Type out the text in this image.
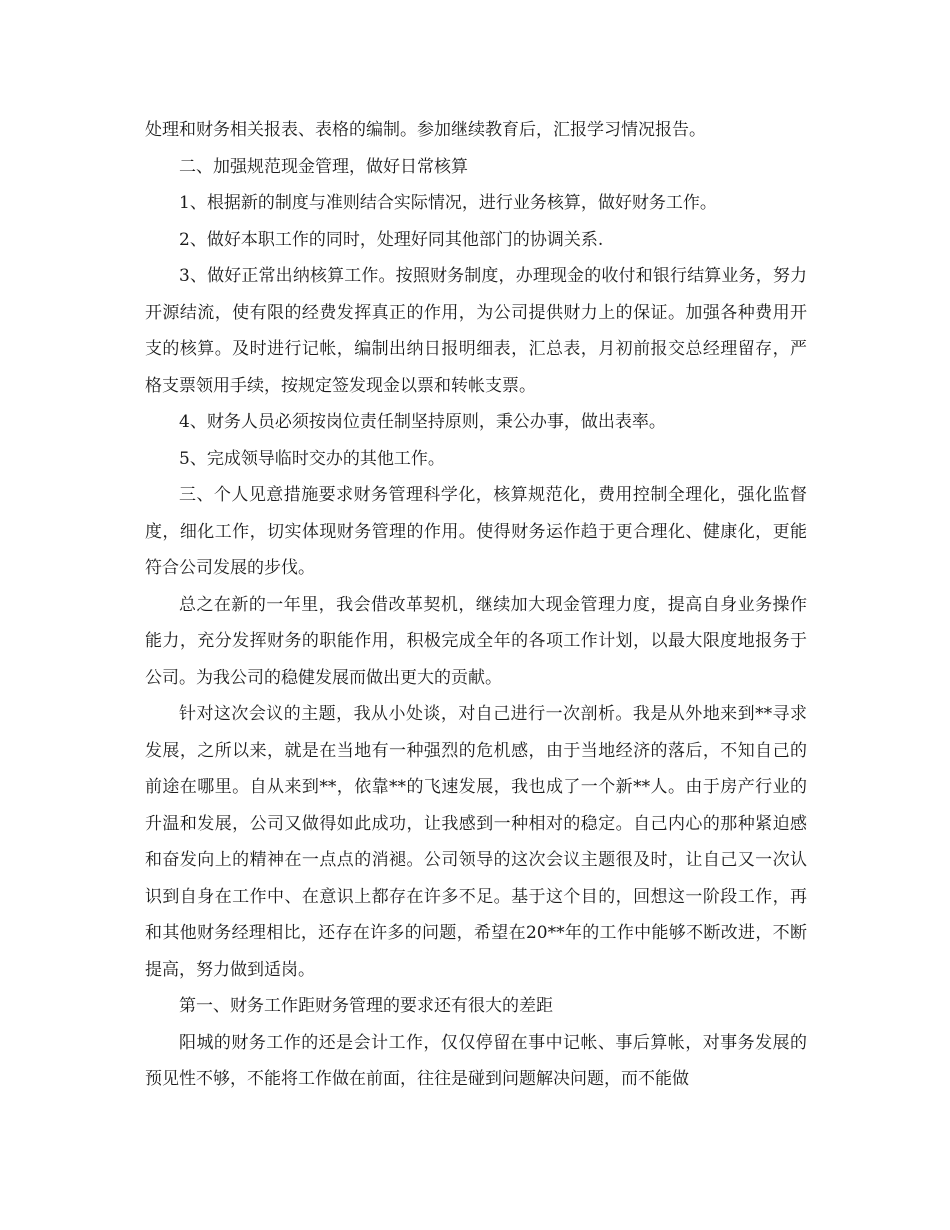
处理和财务相关报表、表格的编制。参加继续教育后，汇报学习情况报告。

二、加强规范现金管理，做好日常核算

1、根据新的制度与准则结合实际情况，进行业务核算，做好财务工作。

2、做好本职工作的同时，处理好同其他部门的协调关系.

3、做好正常出纳核算工作。按照财务制度，办理现金的收付和银行结算业务，努力开源结流，使有限的经费发挥真正的作用，为公司提供财力上的保证。加强各种费用开支的核算。及时进行记帐，编制出纳日报明细表，汇总表，月初前报交总经理留存，严格支票领用手续，按规定签发现金以票和转帐支票。

4、财务人员必须按岗位责任制坚持原则，秉公办事，做出表率。

5、完成领导临时交办的其他工作。

三、个人见意措施要求财务管理科学化，核算规范化，费用控制全理化，强化监督度，细化工作，切实体现财务管理的作用。使得财务运作趋于更合理化、健康化，更能符合公司发展的步伐。

总之在新的一年里，我会借改革契机，继续加大现金管理力度，提高自身业务操作能力，充分发挥财务的职能作用，积极完成全年的各项工作计划，以最大限度地报务于公司。为我公司的稳健发展而做出更大的贡献。

针对这次会议的主题，我从小处谈，对自己进行一次剖析。我是从外地来到**寻求发展，之所以来，就是在当地有一种强烈的危机感，由于当地经济的落后，不知自己的前途在哪里。自从来到**，依靠**的飞速发展，我也成了一个新**人。由于房产行业的升温和发展，公司又做得如此成功，让我感到一种相对的稳定。自己内心的那种紧迫感和奋发向上的精神在一点点的消褪。公司领导的这次会议主题很及时，让自己又一次认识到自身在工作中、在意识上都存在许多不足。基于这个目的，回想这一阶段工作，再和其他财务经理相比，还存在许多的问题，希望在20**年的工作中能够不断改进，不断提高，努力做到适岗。

第一、财务工作距财务管理的要求还有很大的差距

阳城的财务工作的还是会计工作，仅仅停留在事中记帐、事后算帐，对事务发展的预见性不够，不能将工作做在前面，往往是碰到问题解决问题，而不能做
